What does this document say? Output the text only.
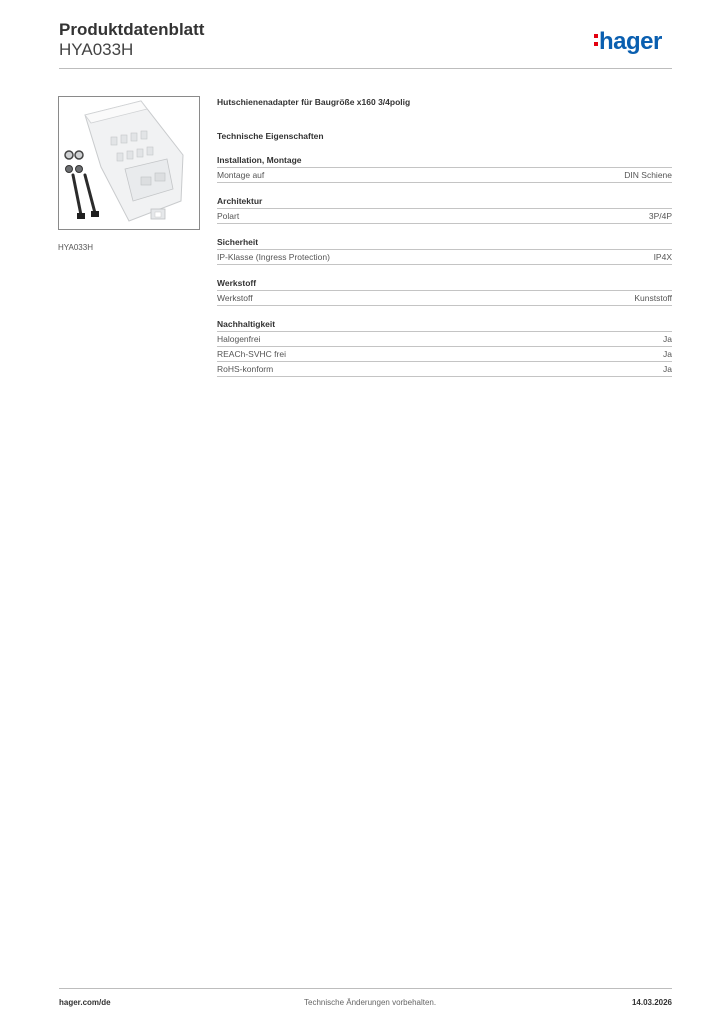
Produktdatenblatt
HYA033H	hager
HYA033H
Hutschienenadapter für Baugröße x160 3/4polig
Technische Eigenschaften
Installation, Montage
Montage auf	DIN Schiene
Architektur
Polart	3P/4P
Sicherheit
IP-Klasse (Ingress Protection)	IP4X
Werkstoff
Werkstoff	Kunststoff
Nachhaltigkeit
Halogenfrei	Ja
REACh-SVHC frei	Ja
RoHS-konform	Ja
hager.com/de	Technische Änderungen vorbehalten.	14.03.2026
